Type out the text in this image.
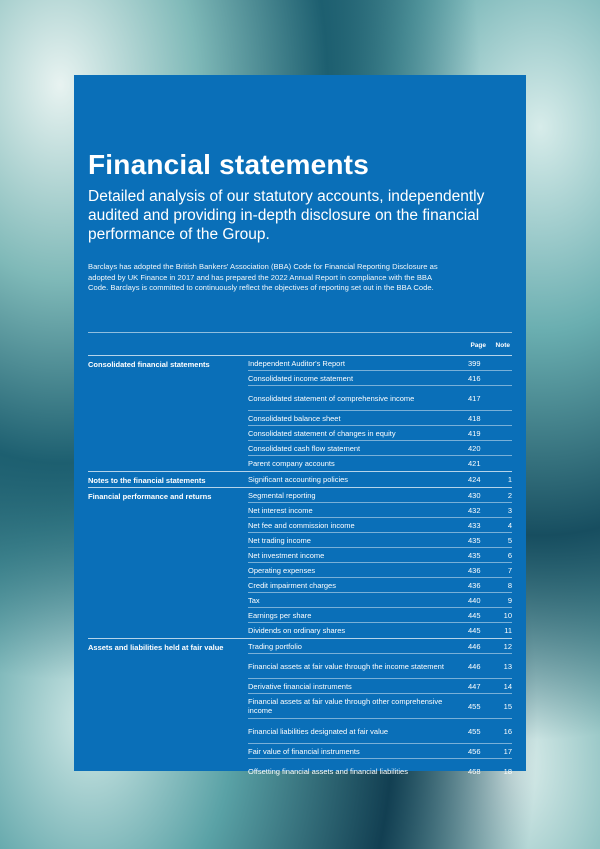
Financial statements

Detailed analysis of our statutory accounts, independently audited and providing in-depth disclosure on the financial performance of the Group.

Barclays has adopted the British Bankers' Association (BBA) Code for Financial Reporting Disclosure as adopted by UK Finance in 2017 and has prepared the 2022 Annual Report in compliance with the BBA Code. Barclays is committed to continuously reflect the objectives of reporting set out in the BBA Code.

Page Note
Consolidated financial statements	Independent Auditor's Report	399
Consolidated income statement	416
Consolidated statement of comprehensive income	417
Consolidated balance sheet	418
Consolidated statement of changes in equity	419
Consolidated cash flow statement	420
Parent company accounts	421
Notes to the financial statements	Significant accounting policies	424	1
Financial performance and returns	Segmental reporting	430	2
Net interest income	432	3
Net fee and commission income	433	4
Net trading income	435	5
Net investment income	435	6
Operating expenses	436	7
Credit impairment charges	436	8
Tax	440	9
Earnings per share	445	10
Dividends on ordinary shares	445	11
Assets and liabilities held at fair value	Trading portfolio	446	12
Financial assets at fair value through the income statement	446	13
Derivative financial instruments	447	14
Financial assets at fair value through other comprehensive income	455	15
Financial liabilities designated at fair value	455	16
Fair value of financial instruments	456	17
Offsetting financial assets and financial liabilities	468	18
